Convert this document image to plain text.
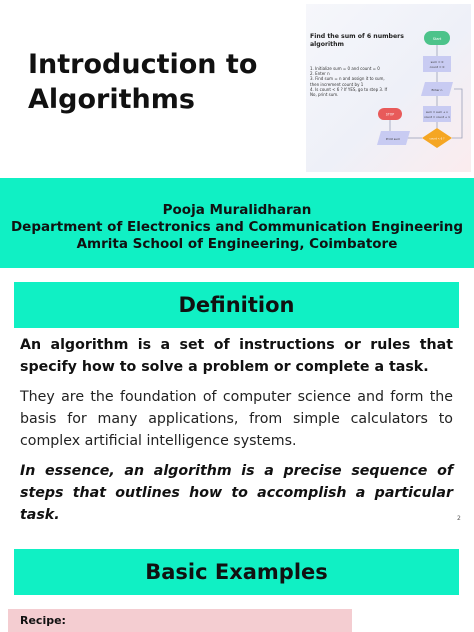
Introduction to Algorithms
Find the sum of 6 numbers algorithm
1. Initialize sum = 0 and count = 0
2. Enter n
3. Find sum = n and assign it to sum,
then increment count by 1
4. Is count < 6 ? If YES, go to step 3. If
No, print sum.
Start
sum = 0
count = 0
Enter n
sum = sum + n
count = count + 1
count < 6 ?
Print sum
STOP
Pooja Muralidharan
Department of Electronics and Communication Engineering
Amrita School of Engineering, Coimbatore
Definition
An algorithm is a set of instructions or rules that specify how to solve a problem or complete a task.
They are the foundation of computer science and form the basis for many applications, from simple calculators to complex artificial intelligence systems.
In essence, an algorithm is a precise sequence of steps that outlines how to accomplish a particular task.	2
Basic Examples
Recipe:
